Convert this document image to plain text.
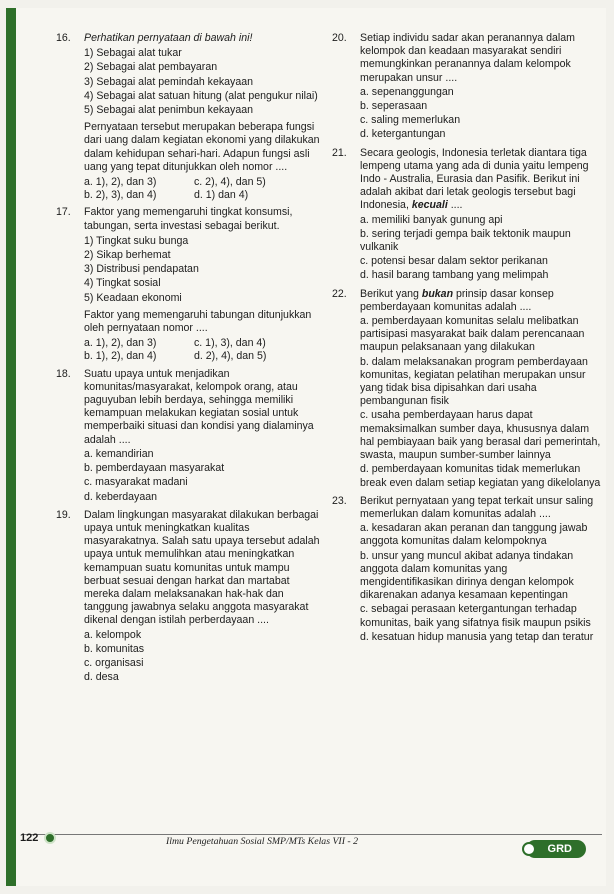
16.	Perhatikan pernyataan di bawah ini!

1) Sebagai alat tukar
2) Sebagai alat pembayaran
3) Sebagai alat pemindah kekayaan
4) Sebagai alat satuan hitung (alat pengukur nilai)
5) Sebagai alat penimbun kekayaan

Pernyataan tersebut merupakan beberapa fungsi dari uang dalam kegiatan ekonomi yang dilakukan dalam kehidupan sehari-hari. Adapun fungsi asli uang yang tepat ditunjukkan oleh nomor ....

a. 1), 2), dan 3)	c. 2), 4), dan 5)
b. 2), 3), dan 4)	d. 1) dan 4)
17.	Faktor yang memengaruhi tingkat konsumsi, tabungan, serta investasi sebagai berikut.

1) Tingkat suku bunga
2) Sikap berhemat
3) Distribusi pendapatan
4) Tingkat sosial
5) Keadaan ekonomi

Faktor yang memengaruhi tabungan ditunjukkan oleh pernyataan nomor ....

a. 1), 2), dan 3)	c. 1), 3), dan 4)
b. 1), 2), dan 4)	d. 2), 4), dan 5)
18.	Suatu upaya untuk menjadikan komunitas/masyarakat, kelompok orang, atau paguyuban lebih berdaya, sehingga memiliki kemampuan melakukan kegiatan sosial untuk memperbaiki situasi dan kondisi yang dialaminya adalah ....

a. kemandirian
b. pemberdayaan masyarakat
c. masyarakat madani
d. keberdayaan
19.	Dalam lingkungan masyarakat dilakukan berbagai upaya untuk meningkatkan kualitas masyarakatnya. Salah satu upaya tersebut adalah upaya untuk memulihkan atau meningkatkan kemampuan suatu komunitas untuk mampu berbuat sesuai dengan harkat dan martabat mereka dalam melaksanakan hak-hak dan tanggung jawabnya selaku anggota masyarakat dikenal dengan istilah perberdayaan ....

a. kelompok
b. komunitas
c. organisasi
d. desa
20.	Setiap individu sadar akan peranannya dalam kelompok dan keadaan masyarakat sendiri memungkinkan peranannya dalam kelompok merupakan unsur ....

a. sepenanggungan
b. seperasaan
c. saling memerlukan
d. ketergantungan
21.	Secara geologis, Indonesia terletak diantara tiga lempeng utama yang ada di dunia yaitu lempeng Indo - Australia, Eurasia dan Pasifik. Berikut ini adalah akibat dari letak geologis tersebut bagi Indonesia, kecuali ....

a. memiliki banyak gunung api
b. sering terjadi gempa baik tektonik maupun vulkanik
c. potensi besar dalam sektor perikanan
d. hasil barang tambang yang melimpah
22.	Berikut yang bukan prinsip dasar konsep pemberdayaan komunitas adalah ....

a. pemberdayaan komunitas selalu melibatkan partisipasi masyarakat baik dalam perencanaan maupun pelaksanaan yang dilakukan
b. dalam melaksanakan program pemberdayaan komunitas, kegiatan pelatihan merupakan unsur yang tidak bisa dipisahkan dari usaha pembangunan fisik
c. usaha pemberdayaan harus dapat memaksimalkan sumber daya, khususnya dalam hal pembiayaan baik yang berasal dari pemerintah, swasta, maupun sumber-sumber lainnya
d. pemberdayaan komunitas tidak memerlukan break even dalam setiap kegiatan yang dikelolanya
23.	Berikut pernyataan yang tepat terkait unsur saling memerlukan dalam komunitas adalah ....

a. kesadaran akan peranan dan tanggung jawab anggota komunitas dalam kelompoknya
b. unsur yang muncul akibat adanya tindakan anggota dalam komunitas yang mengidentifikasikan dirinya dengan kelompok dikarenakan adanya kesamaan kepentingan
c. sebagai perasaan ketergantungan terhadap komunitas, baik yang sifatnya fisik maupun psikis
d. kesatuan hidup manusia yang tetap dan teratur
122	Ilmu Pengetahuan Sosial SMP/MTs Kelas VII - 2
GRD
